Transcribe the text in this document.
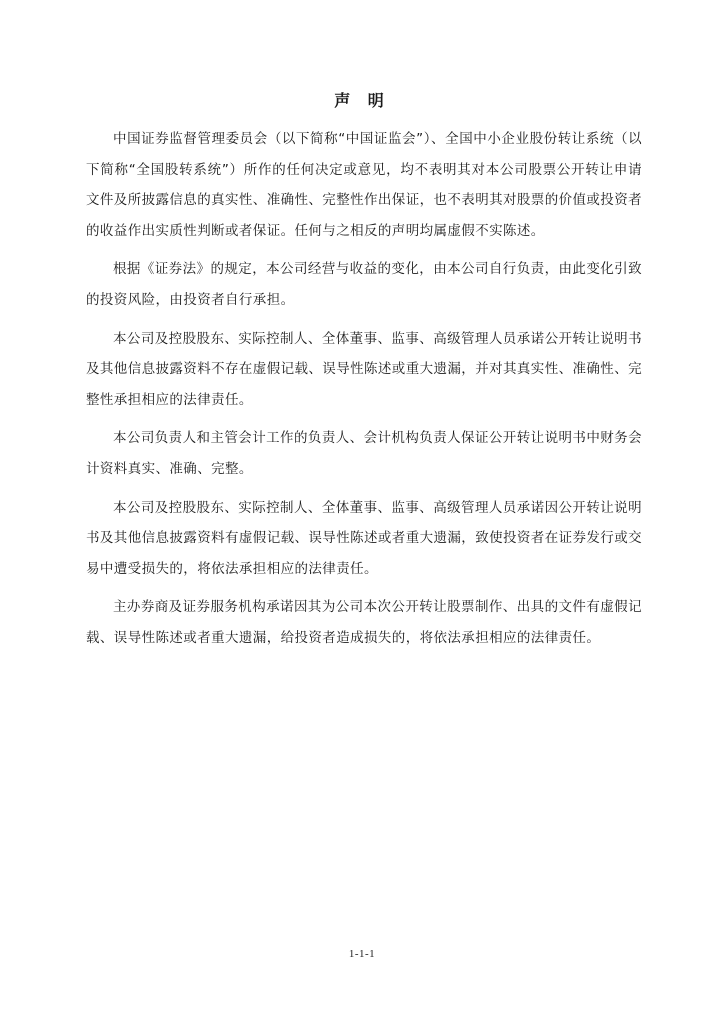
声 明

中国证券监督管理委员会（以下简称“中国证监会”）、全国中小企业股份转让系统（以下简称“全国股转系统”）所作的任何决定或意见，均不表明其对本公司股票公开转让申请文件及所披露信息的真实性、准确性、完整性作出保证，也不表明其对股票的价值或投资者的收益作出实质性判断或者保证。任何与之相反的声明均属虚假不实陈述。

根据《证券法》的规定，本公司经营与收益的变化，由本公司自行负责，由此变化引致的投资风险，由投资者自行承担。

本公司及控股股东、实际控制人、全体董事、监事、高级管理人员承诺公开转让说明书及其他信息披露资料不存在虚假记载、误导性陈述或重大遗漏，并对其真实性、准确性、完整性承担相应的法律责任。

本公司负责人和主管会计工作的负责人、会计机构负责人保证公开转让说明书中财务会计资料真实、准确、完整。

本公司及控股股东、实际控制人、全体董事、监事、高级管理人员承诺因公开转让说明书及其他信息披露资料有虚假记载、误导性陈述或者重大遗漏，致使投资者在证券发行或交易中遭受损失的，将依法承担相应的法律责任。

主办券商及证券服务机构承诺因其为公司本次公开转让股票制作、出具的文件有虚假记载、误导性陈述或者重大遗漏，给投资者造成损失的，将依法承担相应的法律责任。

1-1-1
